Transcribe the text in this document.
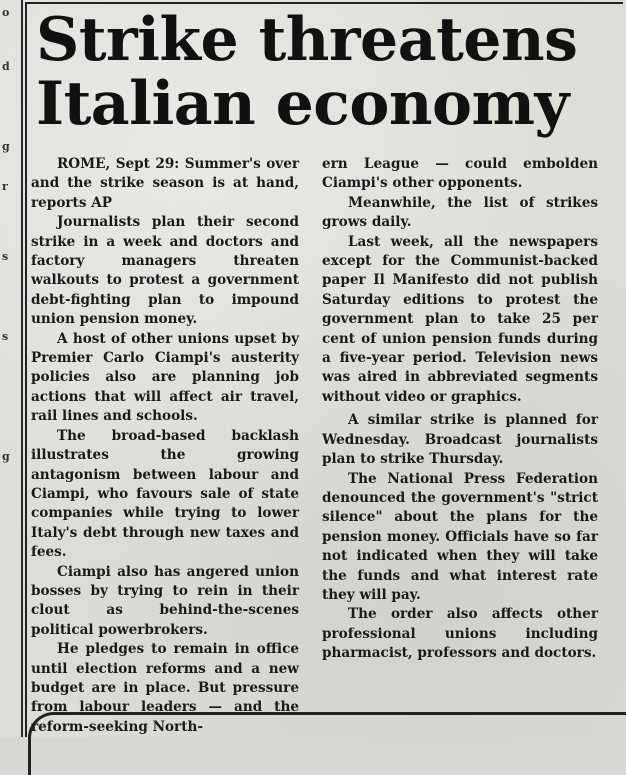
o
d
g
r
s
s
g
Strike threatens Italian economy

ROME, Sept 29: Summer's over and the strike season is at hand, reports AP

Journalists plan their second strike in a week and doctors and factory managers threaten walkouts to protest a government debt-fighting plan to impound union pension money.

A host of other unions upset by Premier Carlo Ciampi's austerity policies also are planning job actions that will affect air travel, rail lines and schools.

The broad-based backlash illustrates the growing antagonism between labour and Ciampi, who favours sale of state companies while trying to lower Italy's debt through new taxes and fees.

Ciampi also has angered union bosses by trying to rein in their clout as behind-the-scenes political powerbrokers.

He pledges to remain in office until election reforms and a new budget are in place. But pressure from labour leaders — and the reform-seeking North-

ern League — could embolden Ciampi's other opponents.

Meanwhile, the list of strikes grows daily.

Last week, all the newspapers except for the Communist-backed paper Il Manifesto did not publish Saturday editions to protest the government plan to take 25 per cent of union pension funds during a five-year period. Television news was aired in abbreviated segments without video or graphics.

A similar strike is planned for Wednesday. Broadcast journalists plan to strike Thursday.

The National Press Federation denounced the government's "strict silence" about the plans for the pension money. Officials have so far not indicated when they will take the funds and what interest rate they will pay.

The order also affects other professional unions including pharmacist, professors and doctors.
